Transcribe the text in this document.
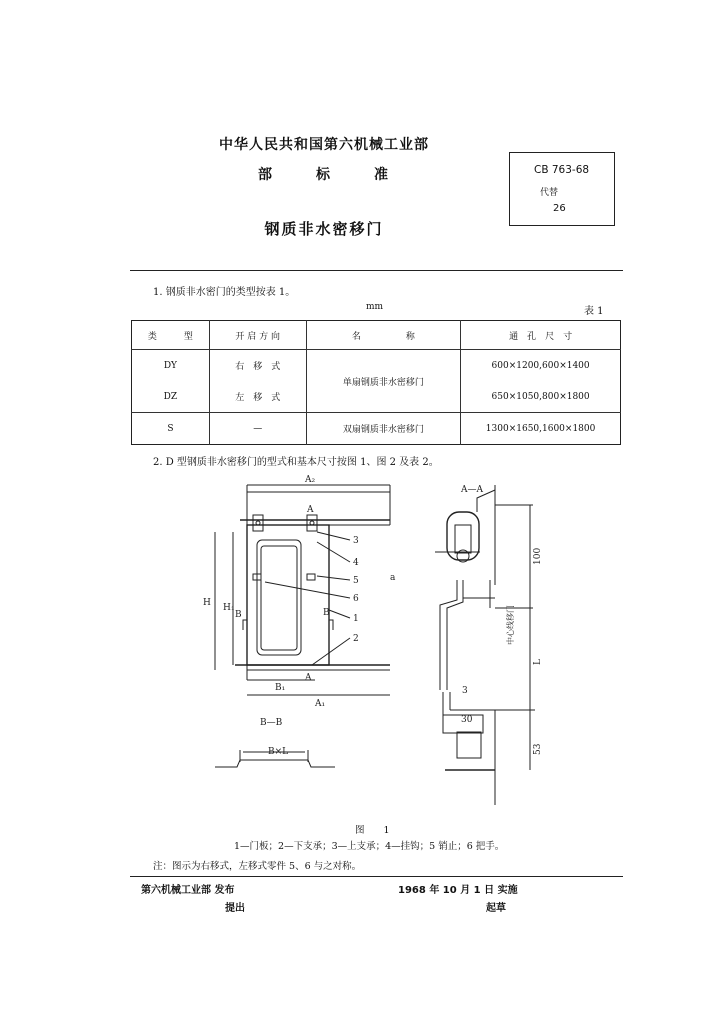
中华人民共和国第六机械工业部
部	标	准	CB 763-68
代替
26
钢质非水密移门
1. 钢质非水密门的类型按表 1。
mm	表 1
类　　　型	开 启 方 向	名　　　　　称	通　孔　尺　寸
DY	右　移　式	单扇钢质非水密移门	600×1200,600×1400
DZ	左　移　式		650×1050,800×1800
S	—	双扇钢质非水密移门	1300×1650,1600×1800
2. D 型钢质非水密移门的型式和基本尺寸按图 1、图 2 及表 2。
A₂
A
H H₁
B	B
B₁
A₁
A
3
4
5
6
1
2
a
B—B
B×L
A—A
100
中心线移门
L
3
30
53
图　　1
1—门板；2—下支承；3—上支承；4—挂钩；5 销止；6 把手。
注：图示为右移式，左移式零件 5、6 与之对称。
第六机械工业部 发布
提出
1968 年 10 月 1 日 实施
起草
